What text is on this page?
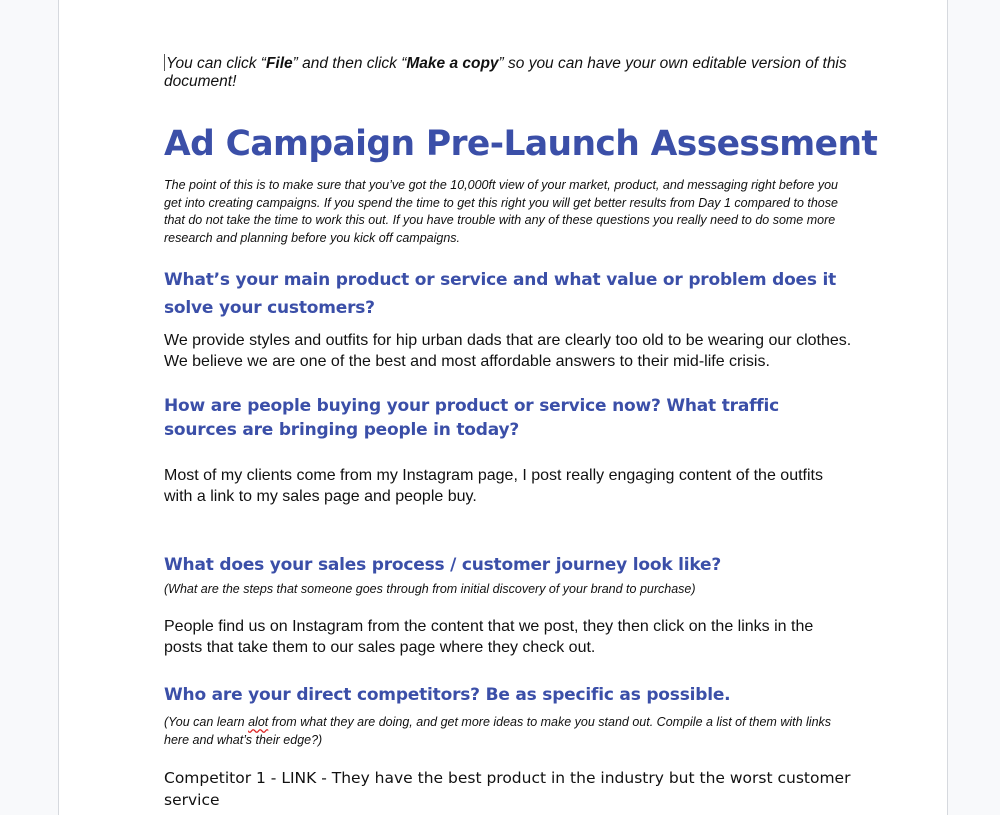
You can click “File” and then click “Make a copy” so you can have your own editable version of this document!

Ad Campaign Pre-Launch Assessment

The point of this is to make sure that you’ve got the 10,000ft view of your market, product, and messaging right before you get into creating campaigns. If you spend the time to get this right you will get better results from Day 1 compared to those that do not take the time to work this out. If you have trouble with any of these questions you really need to do some more research and planning before you kick off campaigns.

What’s your main product or service and what value or problem does it solve your customers?

We provide styles and outfits for hip urban dads that are clearly too old to be wearing our clothes. We believe we are one of the best and most affordable answers to their mid-life crisis.

How are people buying your product or service now? What traffic sources are bringing people in today?

Most of my clients come from my Instagram page, I post really engaging content of the outfits with a link to my sales page and people buy.

What does your sales process / customer journey look like?

(What are the steps that someone goes through from initial discovery of your brand to purchase)

People find us on Instagram from the content that we post, they then click on the links in the posts that take them to our sales page where they check out.

Who are your direct competitors? Be as specific as possible.

(You can learn alot from what they are doing, and get more ideas to make you stand out. Compile a list of them with links here and what’s their edge?)

Competitor 1 - LINK - They have the best product in the industry but the worst customer service
